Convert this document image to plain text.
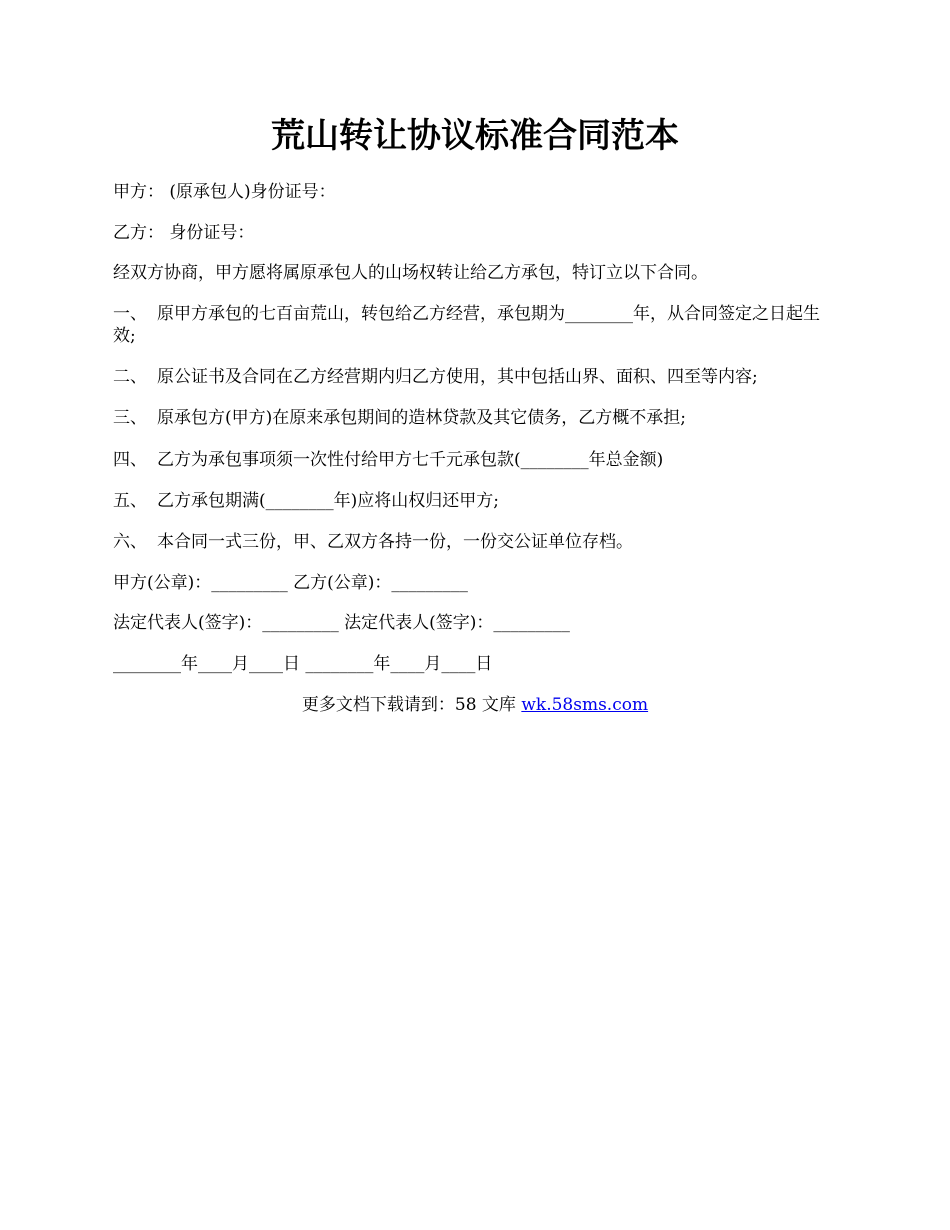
荒山转让协议标准合同范本
甲方： (原承包人)身份证号：
乙方： 身份证号：
经双方协商，甲方愿将属原承包人的山场权转让给乙方承包，特订立以下合同。
一、 原甲方承包的七百亩荒山，转包给乙方经营，承包期为________年，从合同签定之日起生效;
二、 原公证书及合同在乙方经营期内归乙方使用，其中包括山界、面积、四至等内容;
三、 原承包方(甲方)在原来承包期间的造林贷款及其它债务，乙方概不承担;
四、 乙方为承包事项须一次性付给甲方七千元承包款(________年总金额)
五、 乙方承包期满(________年)应将山权归还甲方;
六、 本合同一式三份，甲、乙双方各持一份，一份交公证单位存档。
甲方(公章)：_________ 乙方(公章)：_________
法定代表人(签字)：_________ 法定代表人(签字)：_________
________年____月____日 ________年____月____日
更多文档下载请到：58 文库 wk.58sms.com
